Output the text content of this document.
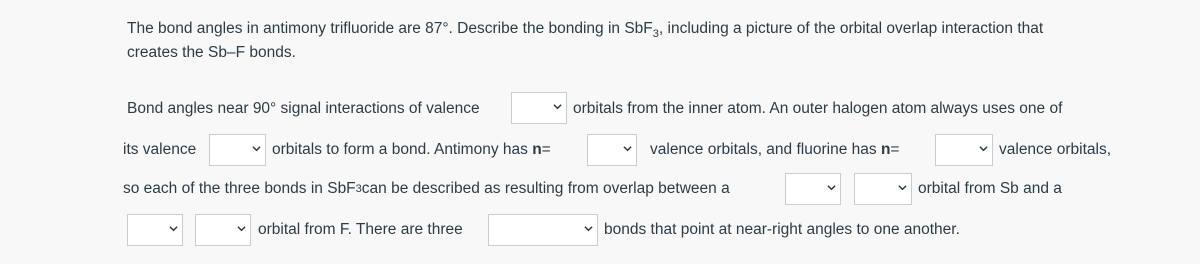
The bond angles in antimony trifluoride are 87°. Describe the bonding in SbF$_3$, including a picture of the orbital overlap interaction that
creates the Sb–F bonds.
Bond angles near 90° signal interactions of valence	orbitals from the inner atom. An outer halogen atom always uses one of
its valence	orbitals to form a bond. Antimony has
n =	valence orbitals, and fluorine has
n =	valence orbitals,
so each of the three bonds in SbF 3 can be described as resulting from overlap between a	orbital from Sb and a
orbital from F. There are three	bonds that point at near-right angles to one another.
